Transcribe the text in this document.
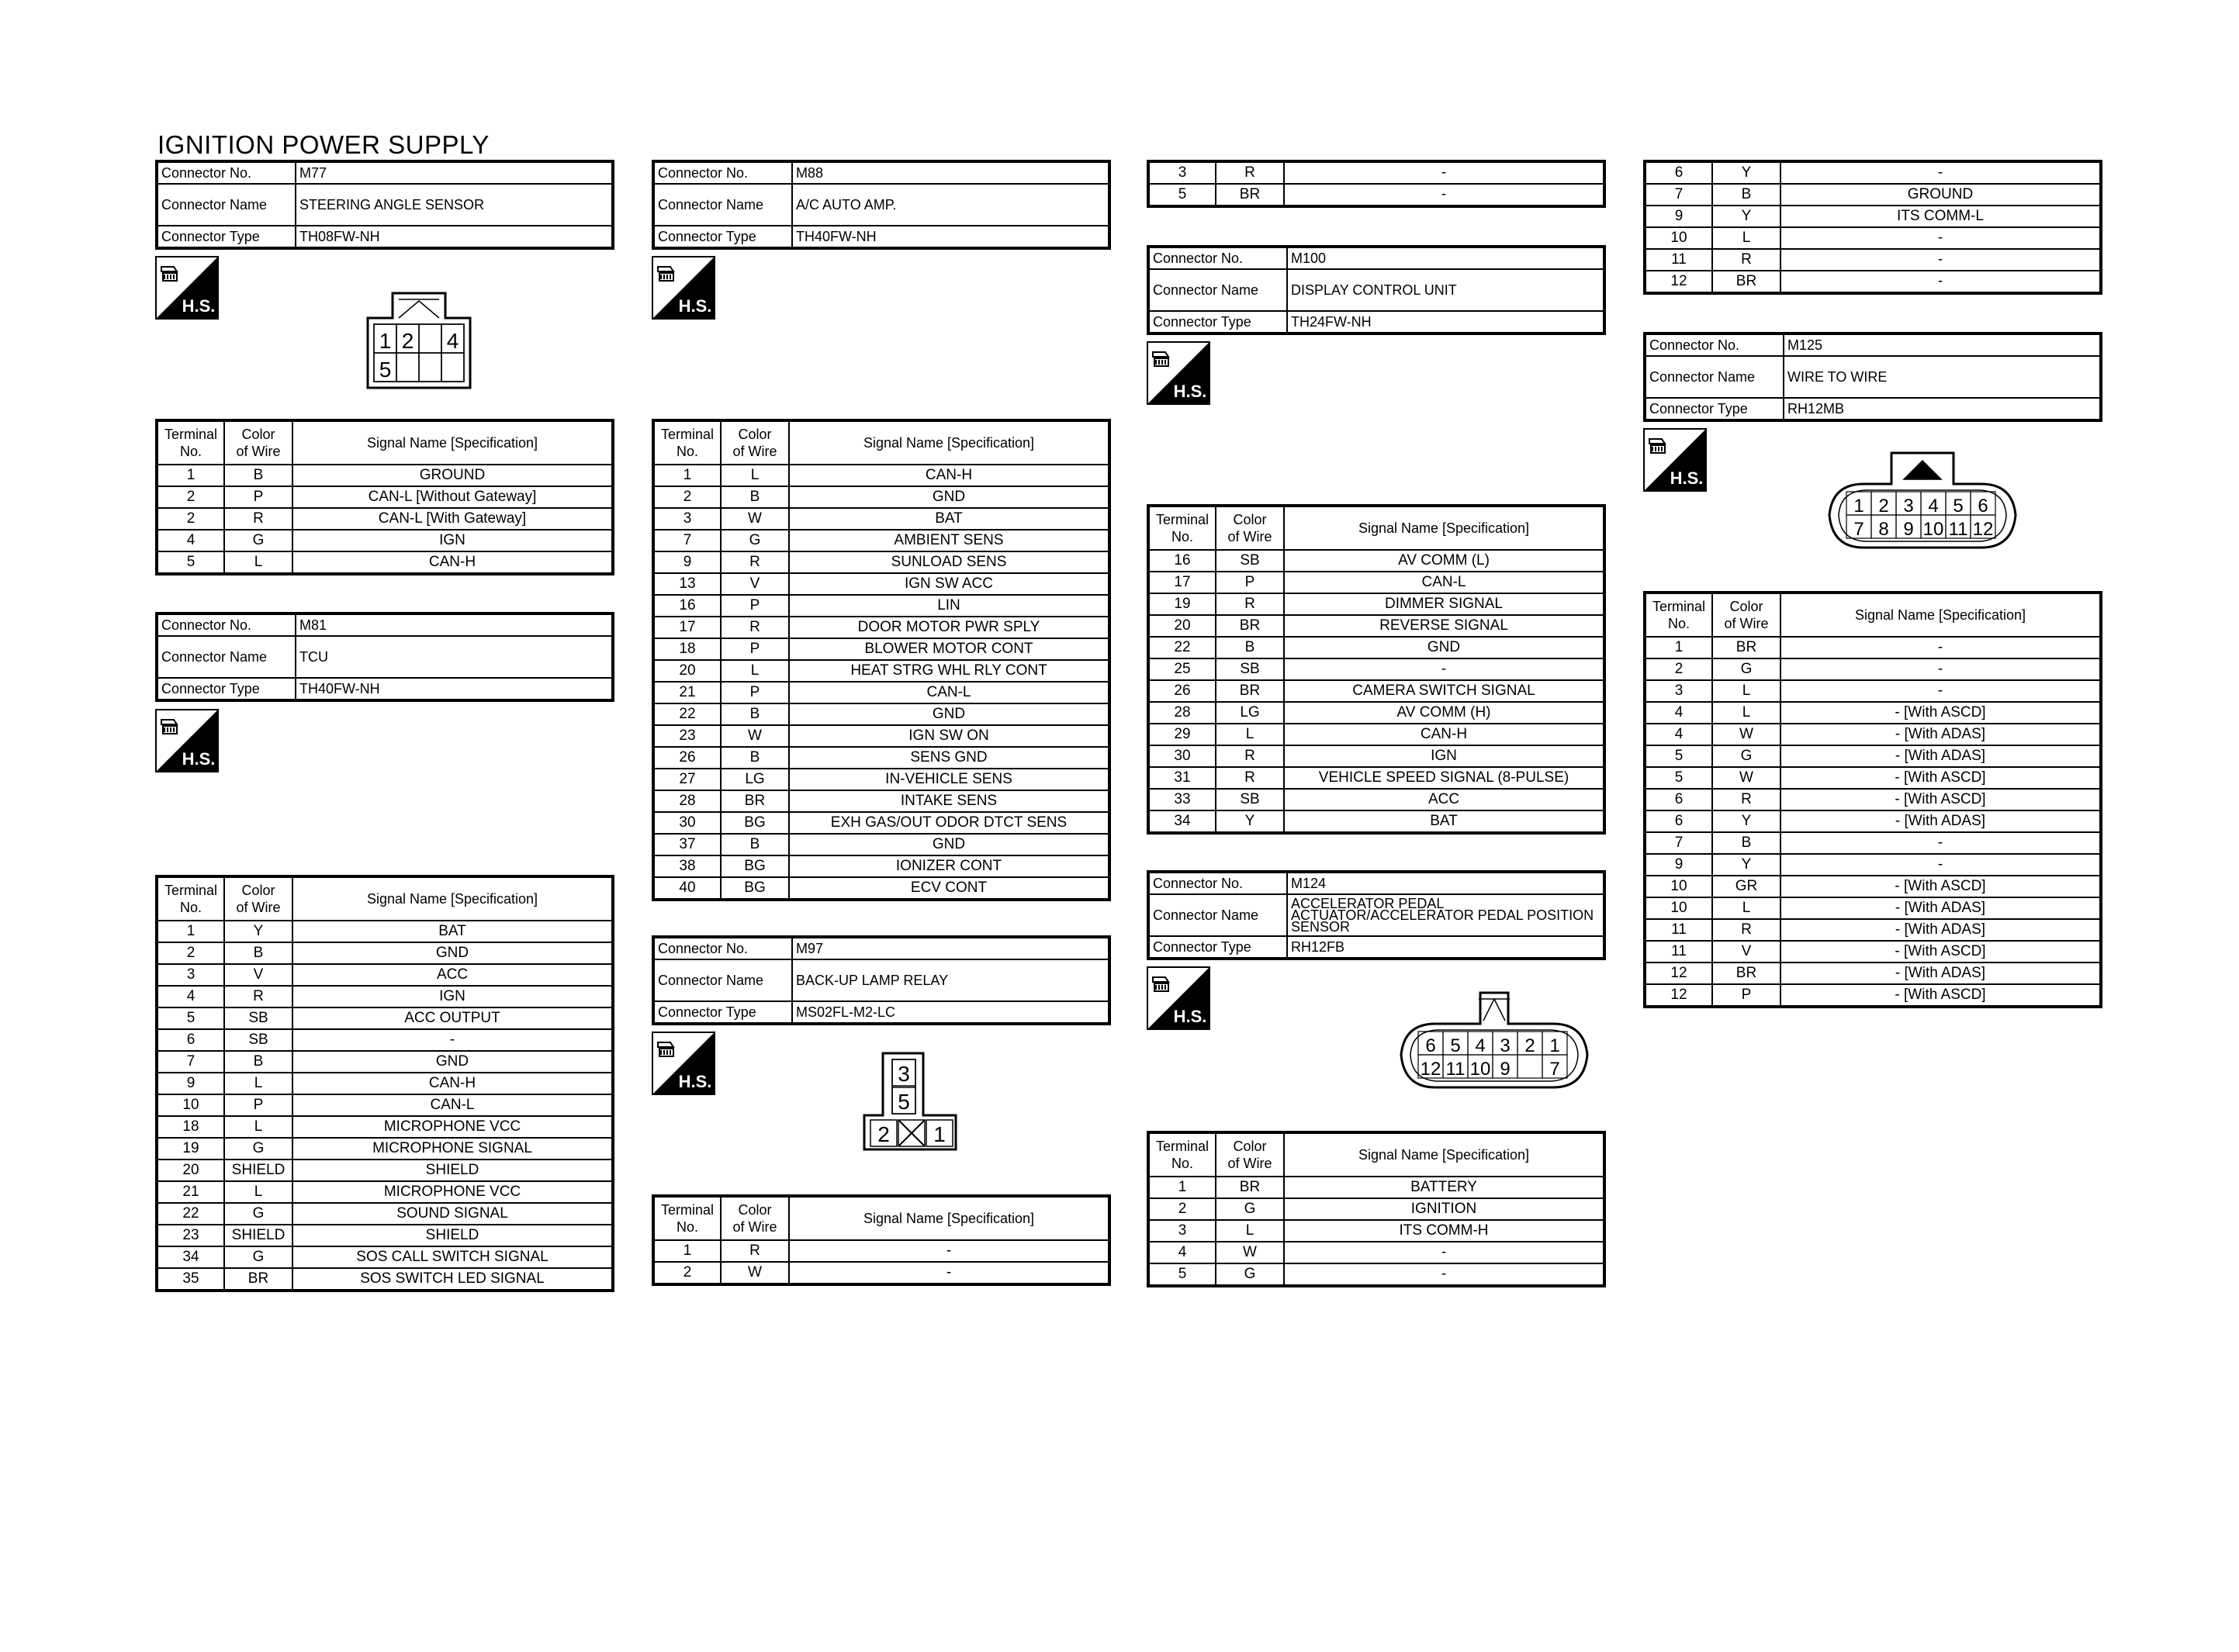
IGNITION POWER SUPPLY
Connector No.	M77
Connector Name	STEERING ANGLE SENSOR
Connector Type	TH08FW-NH
H.S.
1 2 4
5
Terminal
No.	Color
of Wire	Signal Name [Specification]
1	B	GROUND
2	P	CAN-L [Without Gateway]
2	R	CAN-L [With Gateway]
4	G	IGN
5	L	CAN-H
Connector No.	M81
Connector Name	TCU
Connector Type	TH40FW-NH
H.S.
Terminal
No.	Color
of Wire	Signal Name [Specification]
1	Y	BAT
2	B	GND
3	V	ACC
4	R	IGN
5	SB	ACC OUTPUT
6	SB	-
7	B	GND
9	L	CAN-H
10	P	CAN-L
18	L	MICROPHONE VCC
19	G	MICROPHONE SIGNAL
20	SHIELD	SHIELD
21	L	MICROPHONE VCC
22	G	SOUND SIGNAL
23	SHIELD	SHIELD
34	G	SOS CALL SWITCH SIGNAL
35	BR	SOS SWITCH LED SIGNAL
Connector No.	M88
Connector Name	A/C AUTO AMP.
Connector Type	TH40FW-NH
H.S.
Terminal
No.	Color
of Wire	Signal Name [Specification]
1	L	CAN-H
2	B	GND
3	W	BAT
7	G	AMBIENT SENS
9	R	SUNLOAD SENS
13	V	IGN SW ACC
16	P	LIN
17	R	DOOR MOTOR PWR SPLY
18	P	BLOWER MOTOR CONT
20	L	HEAT STRG WHL RLY CONT
21	P	CAN-L
22	B	GND
23	W	IGN SW ON
26	B	SENS GND
27	LG	IN-VEHICLE SENS
28	BR	INTAKE SENS
30	BG	EXH GAS/OUT ODOR DTCT SENS
37	B	GND
38	BG	IONIZER CONT
40	BG	ECV CONT
Connector No.	M97
Connector Name	BACK-UP LAMP RELAY
Connector Type	MS02FL-M2-LC
H.S.	3
5
2 1
Terminal
No.	Color
of Wire	Signal Name [Specification]
1	R	-
2	W	-
3	R	-
5	BR	-
Connector No.	M100
Connector Name	DISPLAY CONTROL UNIT
Connector Type	TH24FW-NH
H.S.
Terminal
No.	Color
of Wire	Signal Name [Specification]
16	SB	AV COMM (L)
17	P	CAN-L
19	R	DIMMER SIGNAL
20	BR	REVERSE SIGNAL
22	B	GND
25	SB	-
26	BR	CAMERA SWITCH SIGNAL
28	LG	AV COMM (H)
29	L	CAN-H
30	R	IGN
31	R	VEHICLE SPEED SIGNAL (8-PULSE)
33	SB	ACC
34	Y	BAT
Connector No.	M124
Connector Name	ACCELERATOR PEDAL ACTUATOR/ACCELERATOR PEDAL POSITION SENSOR
Connector Type	RH12FB
H.S.
6
12
5
11
4
10
3
9
2 1
7
Terminal
No.	Color
of Wire	Signal Name [Specification]
1	BR	BATTERY
2	G	IGNITION
3	L	ITS COMM-H
4	W	-
5	G	-
6	Y	-
7	B	GROUND
9	Y	ITS COMM-L
10	L	-
11	R	-
12	BR	-
Connector No.	M125
Connector Name	WIRE TO WIRE
Connector Type	RH12MB
H.S.
1
7
2
8
3
9
4
10
5
11
6
12
Terminal
No.	Color
of Wire	Signal Name [Specification]
1	BR	-
2	G	-
3	L	-
4	L	- [With ASCD]
4	W	- [With ADAS]
5	G	- [With ADAS]
5	W	- [With ASCD]
6	R	- [With ASCD]
6	Y	- [With ADAS]
7	B	-
9	Y	-
10	GR	- [With ASCD]
10	L	- [With ADAS]
11	R	- [With ADAS]
11	V	- [With ASCD]
12	BR	- [With ADAS]
12	P	- [With ASCD]
